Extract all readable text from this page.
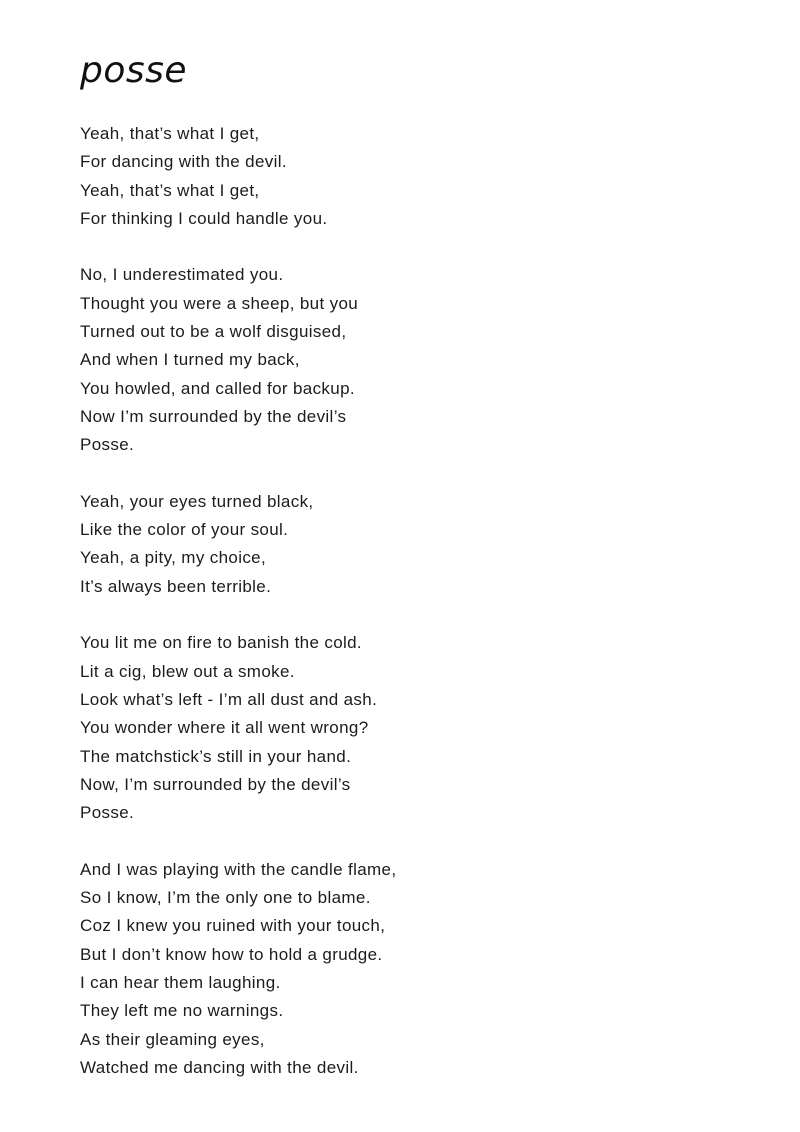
posse
Yeah, that’s what I get,
For dancing with the devil.
Yeah, that’s what I get,
For thinking I could handle you.
No, I underestimated you.
Thought you were a sheep, but you
Turned out to be a wolf disguised,
And when I turned my back,
You howled, and called for backup.
Now I’m surrounded by the devil’s
Posse.
Yeah, your eyes turned black,
Like the color of your soul.
Yeah, a pity, my choice,
It’s always been terrible.
You lit me on fire to banish the cold.
Lit a cig, blew out a smoke.
Look what’s left - I’m all dust and ash.
You wonder where it all went wrong?
The matchstick’s still in your hand.
Now, I’m surrounded by the devil’s
Posse.
And I was playing with the candle flame,
So I know, I’m the only one to blame.
Coz I knew you ruined with your touch,
But I don’t know how to hold a grudge.
I can hear them laughing.
They left me no warnings.
As their gleaming eyes,
Watched me dancing with the devil.
